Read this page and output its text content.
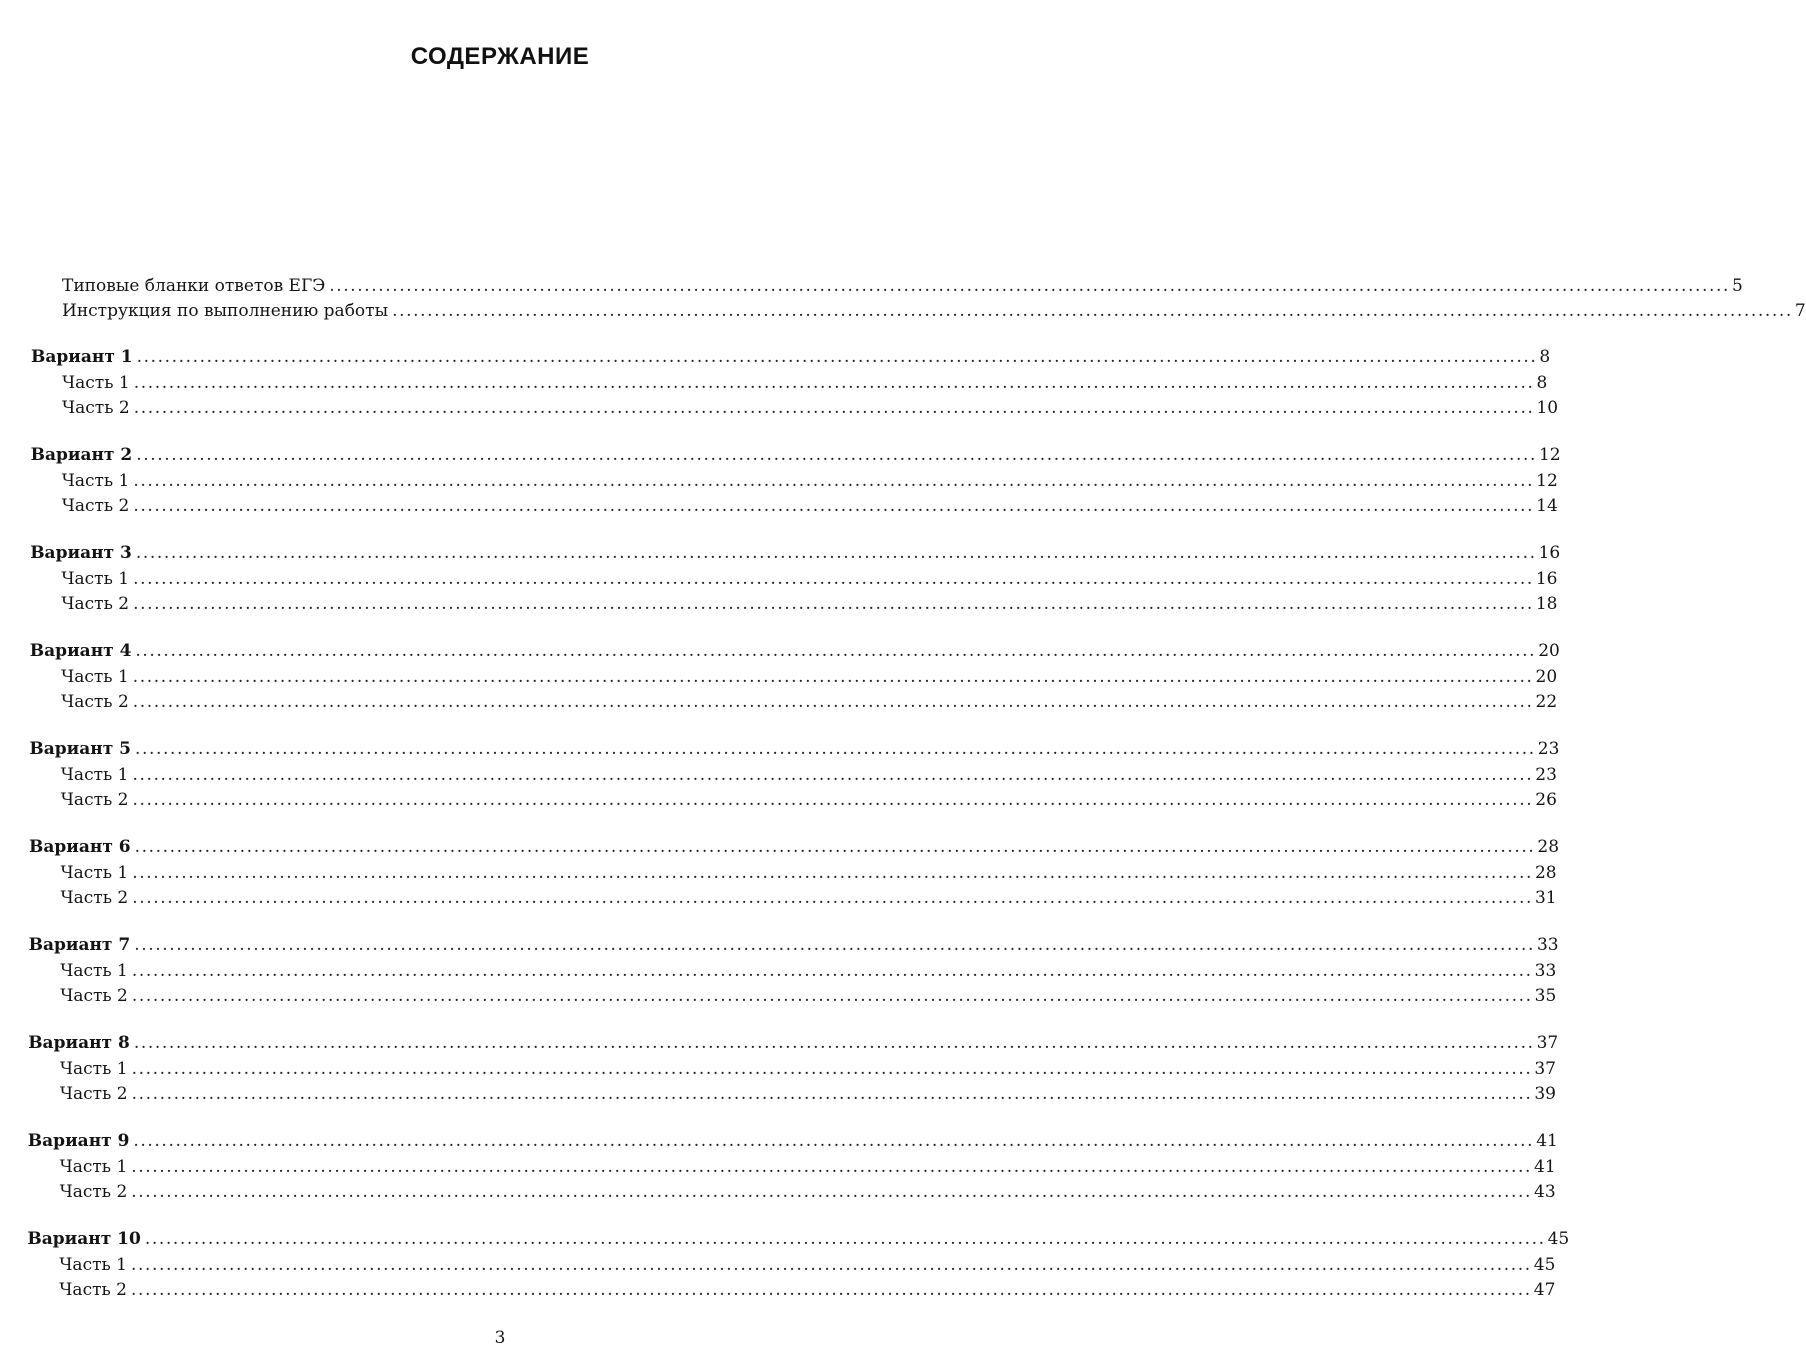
СОДЕРЖАНИЕ
Типовые бланки ответов ЕГЭ ........................................................................................................................................................................................................ 5
Инструкция по выполнению работы ........................................................................................................................................................................................................ 7
Вариант 1 ........................................................................................................................................................................................................ 8
Часть 1 ........................................................................................................................................................................................................ 8
Часть 2 ........................................................................................................................................................................................................ 10
Вариант 2 ........................................................................................................................................................................................................ 12
Часть 1 ........................................................................................................................................................................................................ 12
Часть 2 ........................................................................................................................................................................................................ 14
Вариант 3 ........................................................................................................................................................................................................ 16
Часть 1 ........................................................................................................................................................................................................ 16
Часть 2 ........................................................................................................................................................................................................ 18
Вариант 4 ........................................................................................................................................................................................................ 20
Часть 1 ........................................................................................................................................................................................................ 20
Часть 2 ........................................................................................................................................................................................................ 22
Вариант 5 ........................................................................................................................................................................................................ 23
Часть 1 ........................................................................................................................................................................................................ 23
Часть 2 ........................................................................................................................................................................................................ 26
Вариант 6 ........................................................................................................................................................................................................ 28
Часть 1 ........................................................................................................................................................................................................ 28
Часть 2 ........................................................................................................................................................................................................ 31
Вариант 7 ........................................................................................................................................................................................................ 33
Часть 1 ........................................................................................................................................................................................................ 33
Часть 2 ........................................................................................................................................................................................................ 35
Вариант 8 ........................................................................................................................................................................................................ 37
Часть 1 ........................................................................................................................................................................................................ 37
Часть 2 ........................................................................................................................................................................................................ 39
Вариант 9 ........................................................................................................................................................................................................ 41
Часть 1 ........................................................................................................................................................................................................ 41
Часть 2 ........................................................................................................................................................................................................ 43
Вариант 10 ........................................................................................................................................................................................................ 45
Часть 1 ........................................................................................................................................................................................................ 45
Часть 2 ........................................................................................................................................................................................................ 47
3
